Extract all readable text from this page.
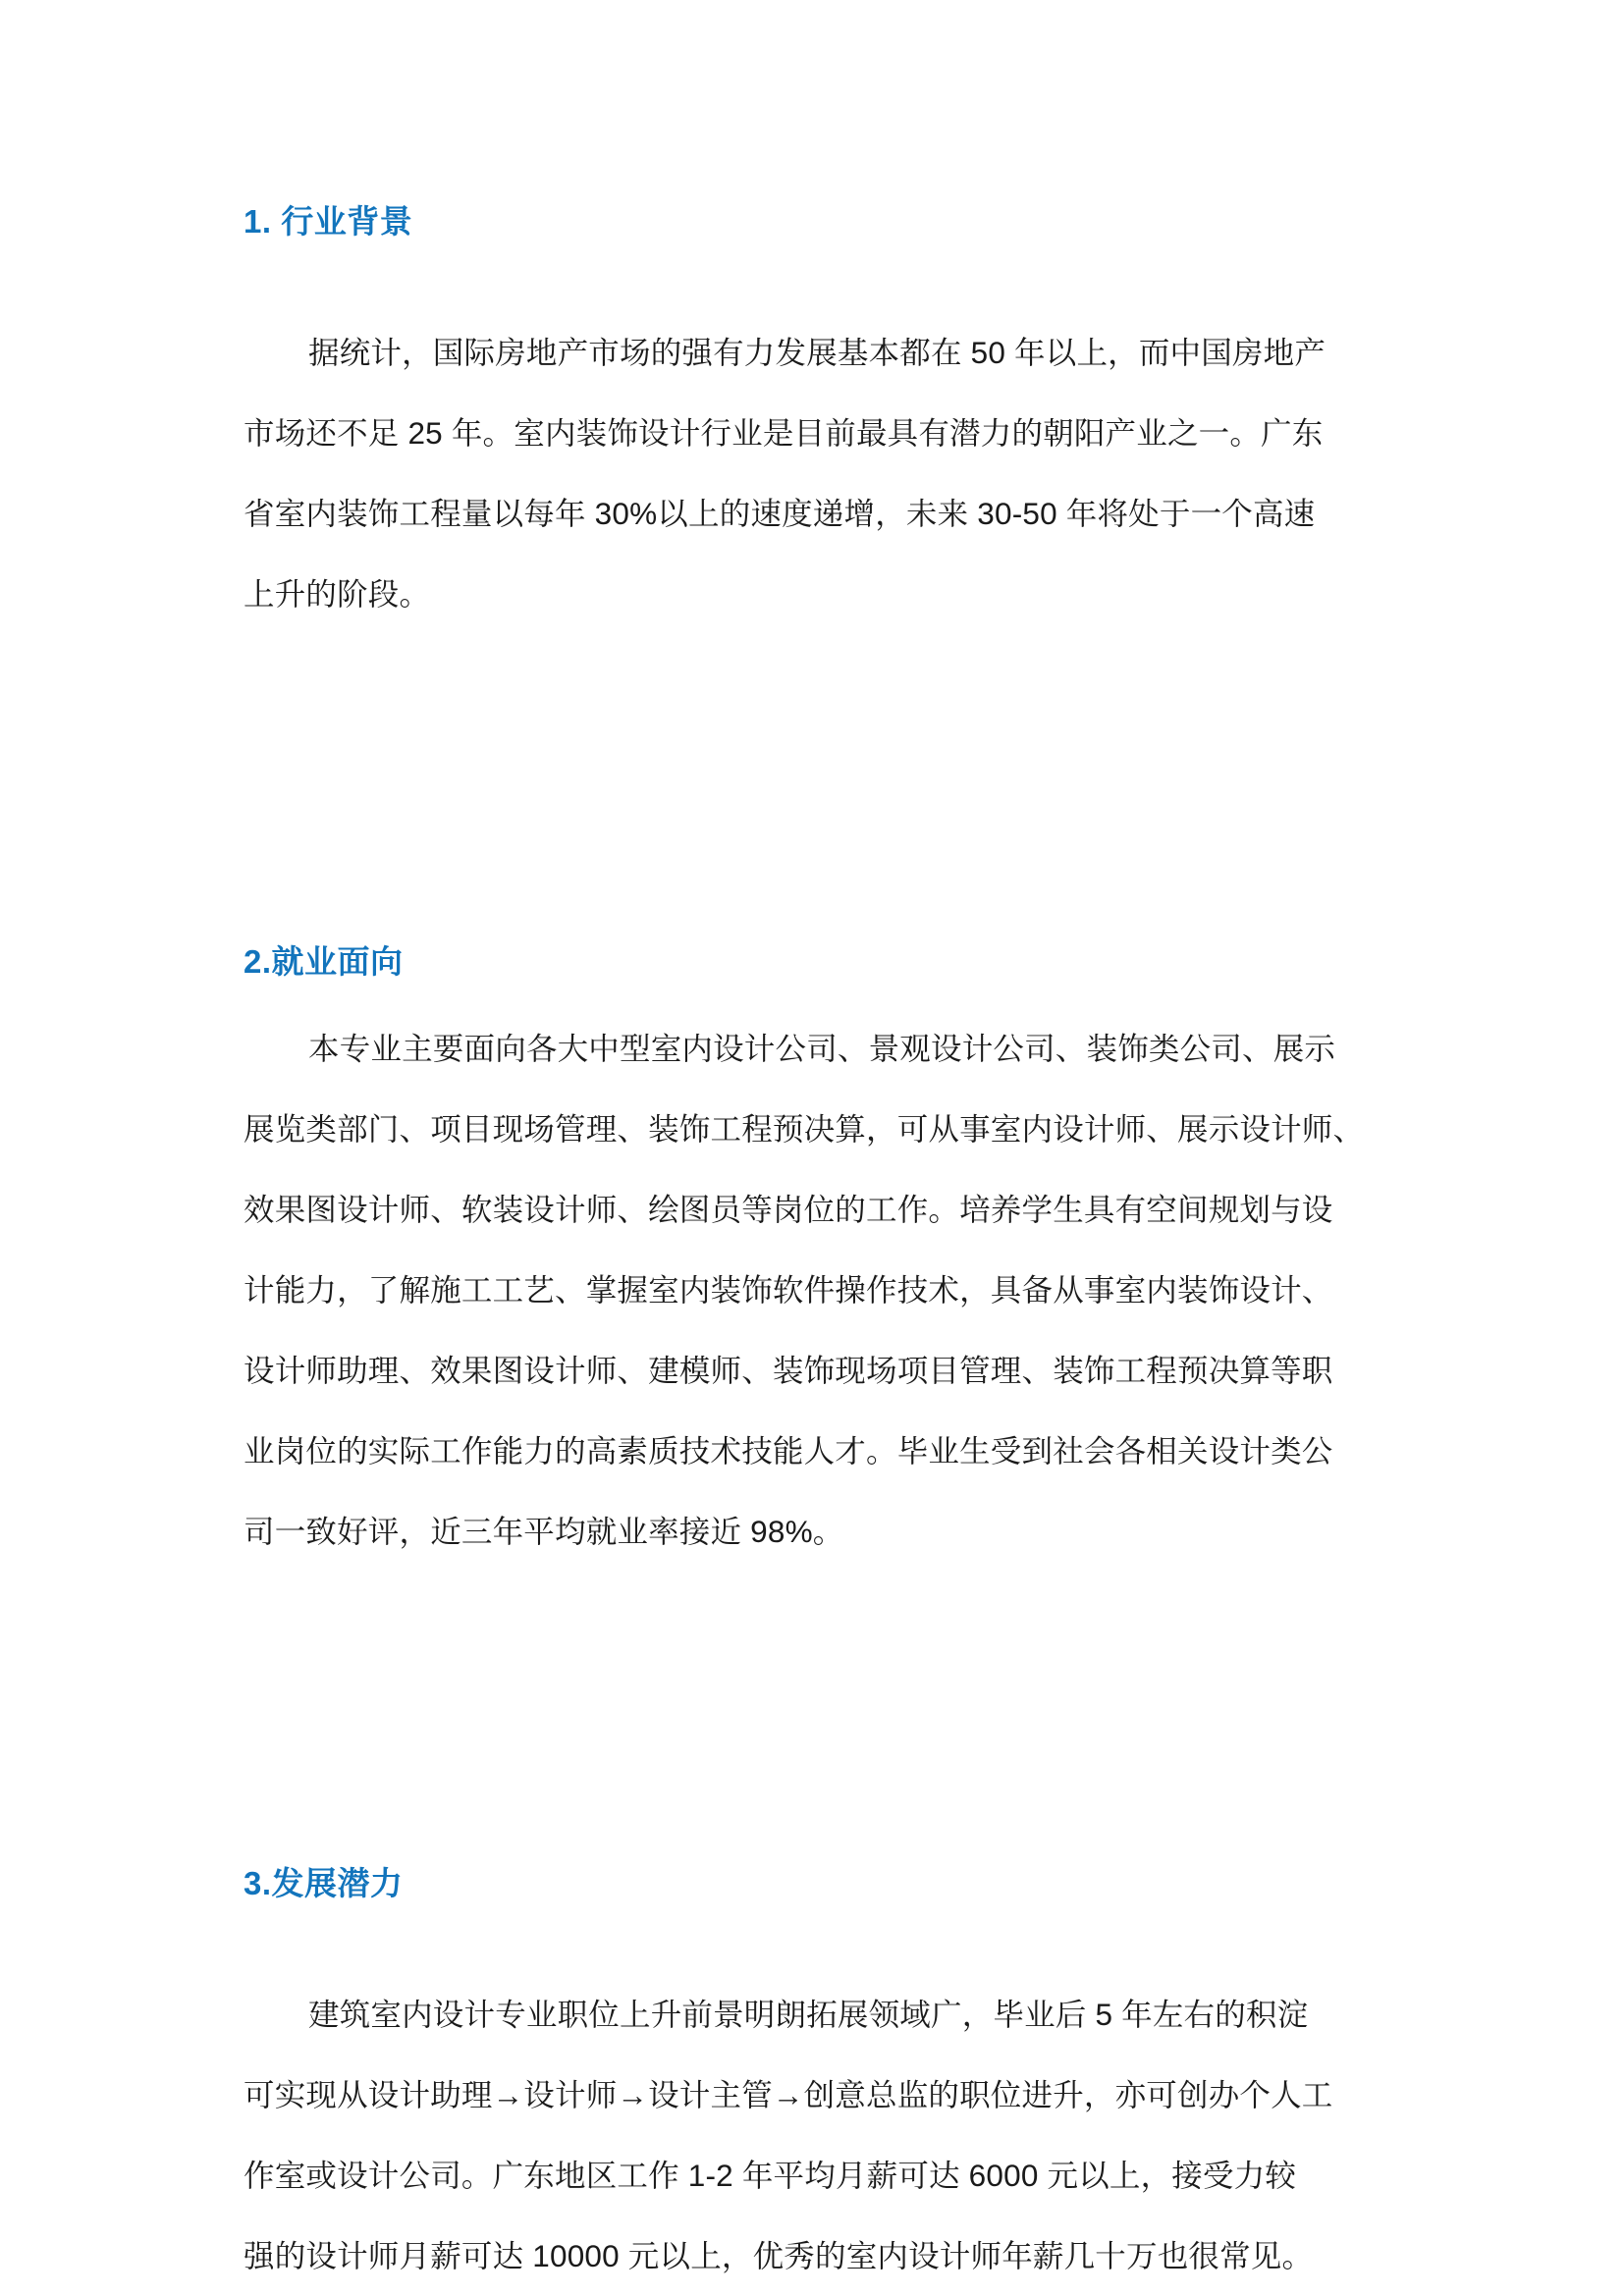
1. 行业背景
据统计，国际房地产市场的强有力发展基本都在 50 年以上，而中国房地产
市场还不足 25 年。室内装饰设计行业是目前最具有潜力的朝阳产业之一。广东
省室内装饰工程量以每年 30%以上的速度递增，未来 30-50 年将处于一个高速
上升的阶段。
2.就业面向
本专业主要面向各大中型室内设计公司、景观设计公司、装饰类公司、展示
展览类部门、项目现场管理、装饰工程预决算，可从事室内设计师、展示设计师、
效果图设计师、软装设计师、绘图员等岗位的工作。培养学生具有空间规划与设
计能力，了解施工工艺、掌握室内装饰软件操作技术，具备从事室内装饰设计、
设计师助理、效果图设计师、建模师、装饰现场项目管理、装饰工程预决算等职
业岗位的实际工作能力的高素质技术技能人才。毕业生受到社会各相关设计类公
司一致好评，近三年平均就业率接近 98%。
3.发展潜力
建筑室内设计专业职位上升前景明朗拓展领域广，毕业后 5 年左右的积淀
可实现从设计助理→设计师→设计主管→创意总监的职位进升，亦可创办个人工
作室或设计公司。广东地区工作 1-2 年平均月薪可达 6000 元以上，接受力较
强的设计师月薪可达 10000 元以上，优秀的室内设计师年薪几十万也很常见。
